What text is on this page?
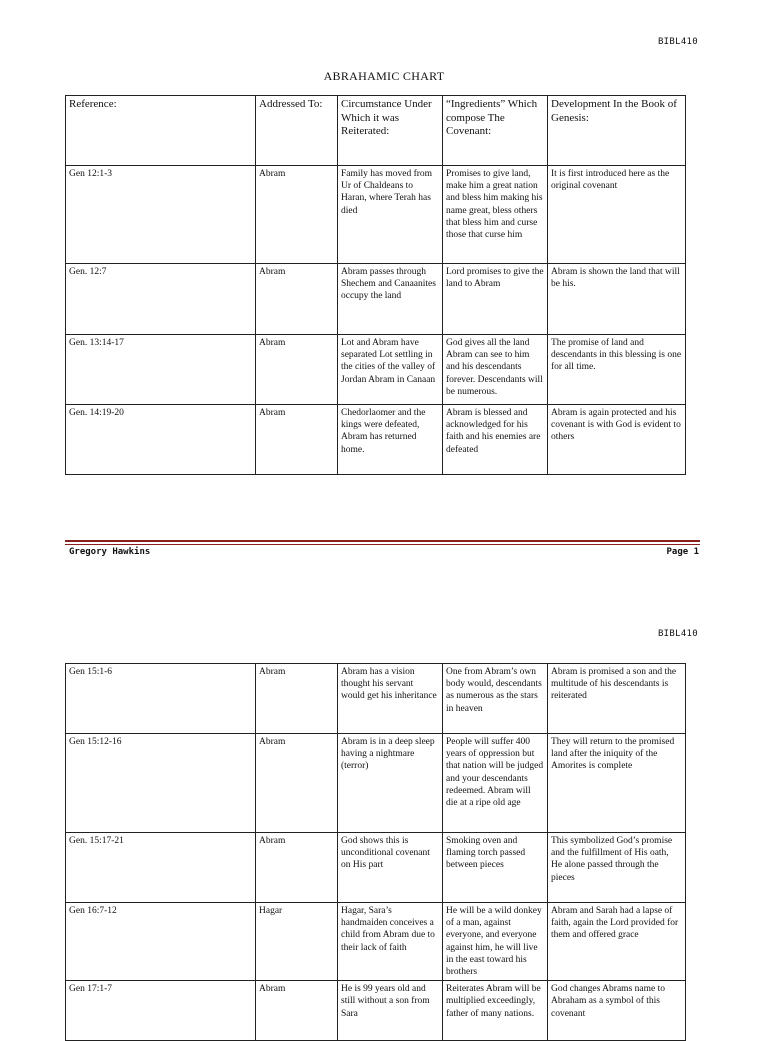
BIBL410
ABRAHAMIC CHART
Reference:	Addressed To:	Circumstance Under Which it was Reiterated:	“Ingredients” Which compose The Covenant:	Development In the Book of Genesis:
Gen 12:1-3	Abram	Family has moved from Ur of Chaldeans to Haran, where Terah has died	Promises to give land, make him a great nation and bless him making his name great, bless others that bless him and curse those that curse him	It is first introduced here as the original covenant
Gen. 12:7	Abram	Abram passes through Shechem and Canaanites occupy the land	Lord promises to give the land to Abram	Abram is shown the land that will be his.
Gen. 13:14-17	Abram	Lot and Abram have separated Lot settling in the cities of the valley of Jordan Abram in Canaan	God gives all the land Abram can see to him and his descendants forever. Descendants will be numerous.	The promise of land and descendants in this blessing is one for all time.
Gen. 14:19-20	Abram	Chedorlaomer and the kings were defeated, Abram has returned home.	Abram is blessed and acknowledged for his faith and his enemies are defeated	Abram is again protected and his covenant is with God is evident to others
Gregory Hawkins	Page 1
BIBL410
Gen 15:1-6	Abram	Abram has a vision thought his servant would get his inheritance	One from Abram’s own body would, descendants as numerous as the stars in heaven	Abram is promised a son and the multitude of his descendants is reiterated
Gen 15:12-16	Abram	Abram is in a deep sleep having a nightmare (terror)	People will suffer 400 years of oppression but that nation will be judged and your descendants redeemed. Abram will die at a ripe old age	They will return to the promised land after the iniquity of the Amorites is complete
Gen. 15:17-21	Abram	God shows this is unconditional covenant on His part	Smoking oven and flaming torch passed between pieces	This symbolized God’s promise and the fulfillment of His oath, He alone passed through the pieces
Gen 16:7-12	Hagar	Hagar, Sara’s handmaiden conceives a child from Abram due to their lack of faith	He will be a wild donkey of a man, against everyone, and everyone against him, he will live in the east toward his brothers	Abram and Sarah had a lapse of faith, again the Lord provided for them and offered grace
Gen 17:1-7	Abram	He is 99 years old and still without a son from Sara	Reiterates Abram will be multiplied exceedingly, father of many nations.	God changes Abrams name to Abraham as a symbol of this covenant
